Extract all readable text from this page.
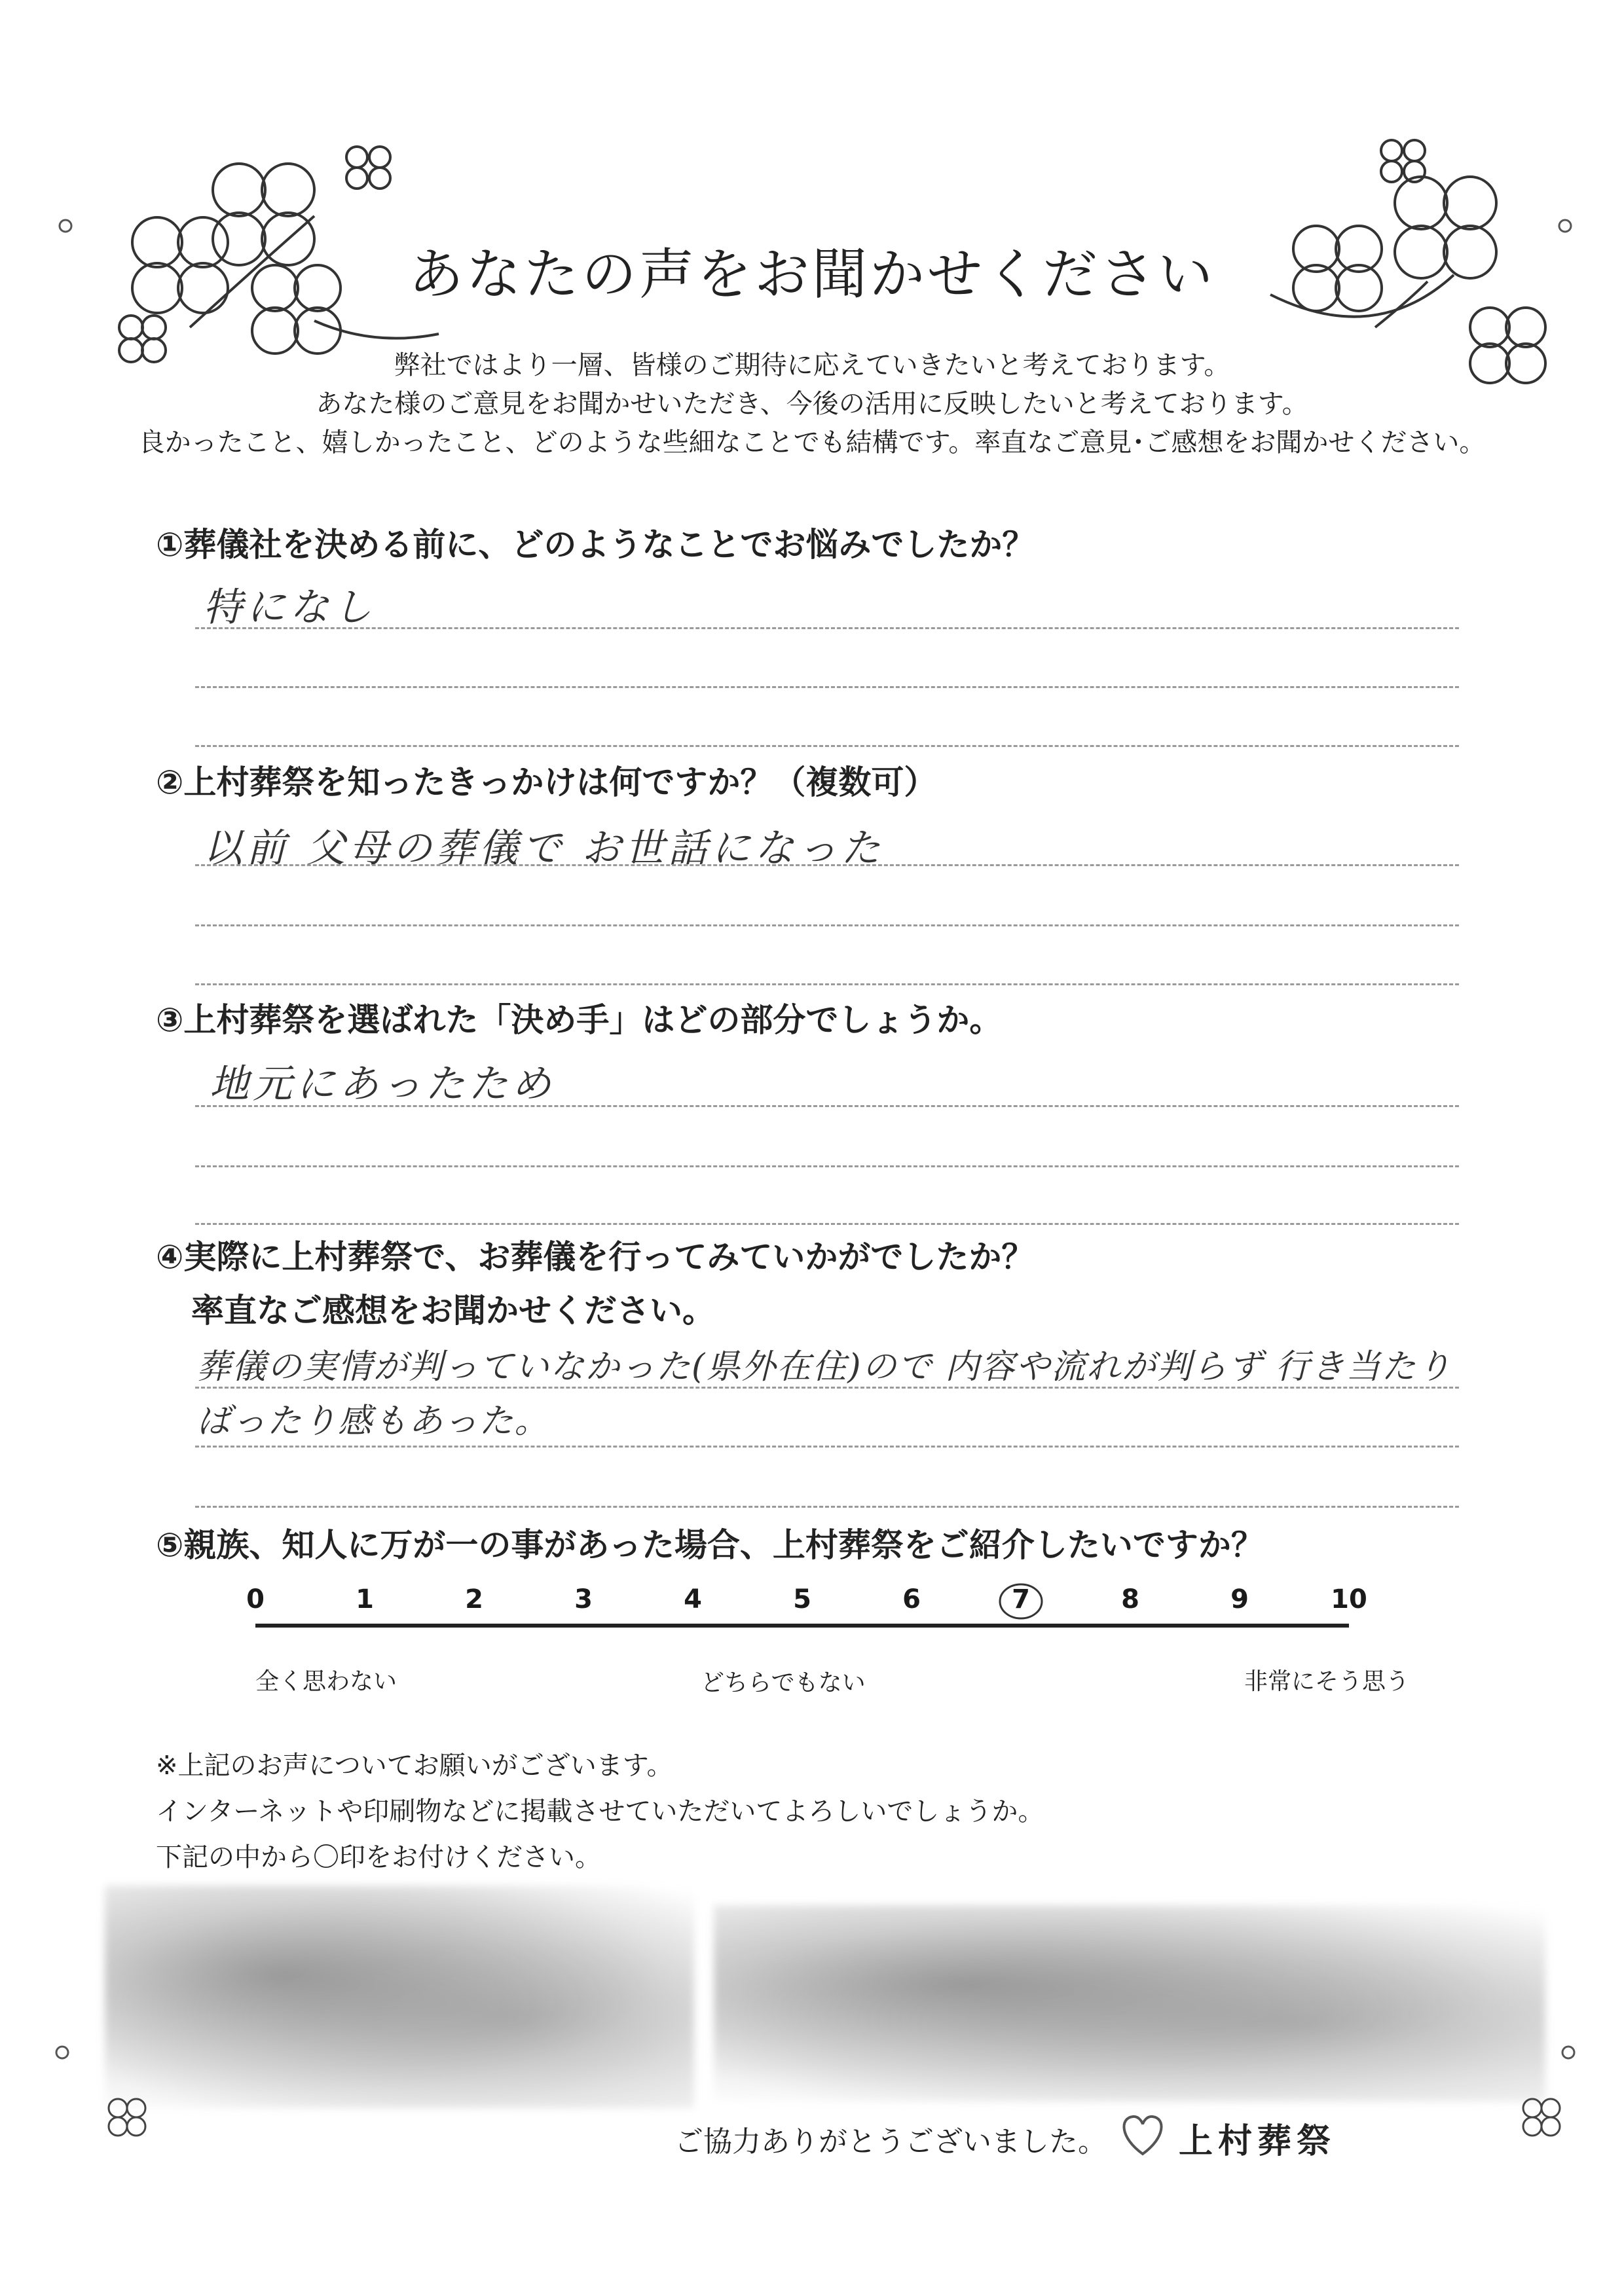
あなたの声をお聞かせください
弊社ではより一層、皆様のご期待に応えていきたいと考えております。
あなた様のご意見をお聞かせいただき、今後の活用に反映したいと考えております。
良かったこと、嬉しかったこと、どのような些細なことでも結構です。率直なご意見･ご感想をお聞かせください。
①葬儀社を決める前に、どのようなことでお悩みでしたか？
特になし
②上村葬祭を知ったきっかけは何ですか？（複数可）
以前 父母の葬儀で お世話になった
③上村葬祭を選ばれた「決め手」はどの部分でしょうか。
地元にあったため
④実際に上村葬祭で、お葬儀を行ってみていかがでしたか？
率直なご感想をお聞かせください。
葬儀の実情が判っていなかった(県外在住)ので 内容や流れが判らず 行き当たり
ばったり感もあった。
⑤親族、知人に万が一の事があった場合、上村葬祭をご紹介したいですか？
0	1	2	3	4	5	6	7	8	9	10
全く思わない	どちらでもない	非常にそう思う
※上記のお声についてお願いがございます。
インターネットや印刷物などに掲載させていただいてよろしいでしょうか。
下記の中から〇印をお付けください。
ご協力ありがとうございました。 上村葬祭
